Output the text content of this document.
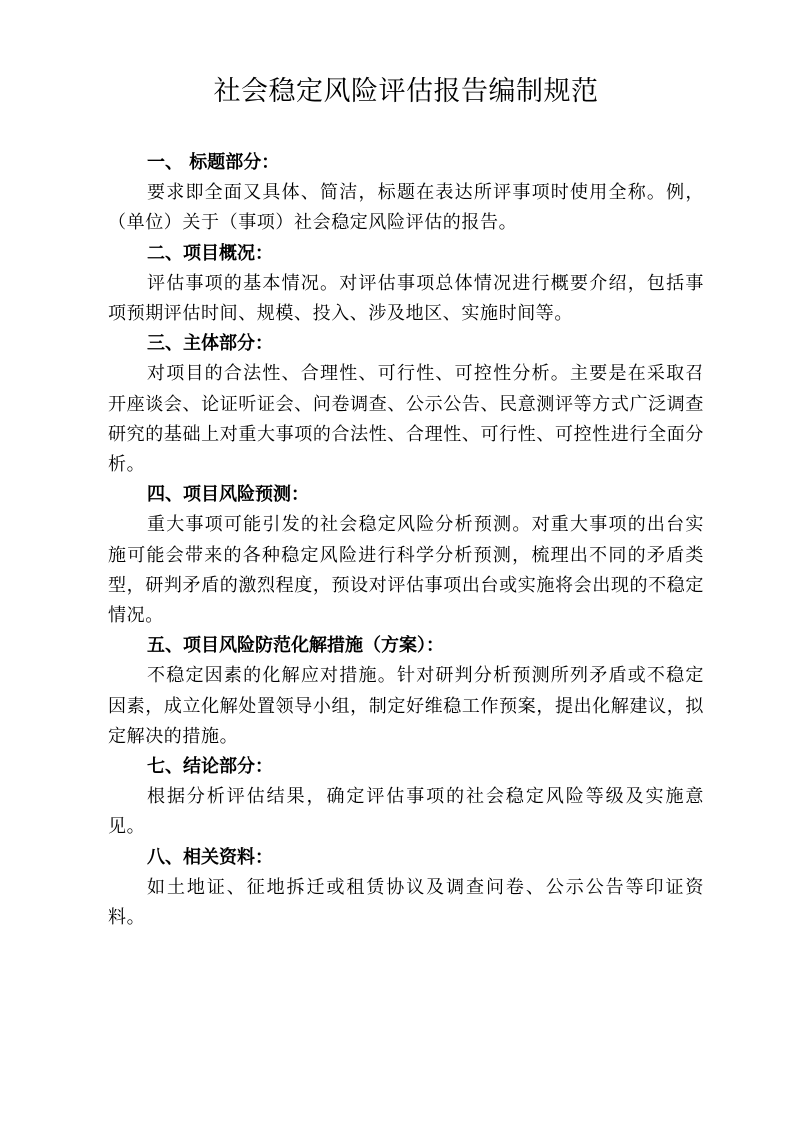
社会稳定风险评估报告编制规范

一、 标题部分：

要求即全面又具体、简洁，标题在表达所评事项时使用全称。例，（单位）关于（事项）社会稳定风险评估的报告。

二、项目概况：

评估事项的基本情况。对评估事项总体情况进行概要介绍，包括事项预期评估时间、规模、投入、涉及地区、实施时间等。

三、主体部分：

对项目的合法性、合理性、可行性、可控性分析。主要是在采取召开座谈会、论证听证会、问卷调查、公示公告、民意测评等方式广泛调查研究的基础上对重大事项的合法性、合理性、可行性、可控性进行全面分析。

四、项目风险预测：

重大事项可能引发的社会稳定风险分析预测。对重大事项的出台实施可能会带来的各种稳定风险进行科学分析预测，梳理出不同的矛盾类型，研判矛盾的激烈程度，预设对评估事项出台或实施将会出现的不稳定情况。

五、项目风险防范化解措施（方案）：

不稳定因素的化解应对措施。针对研判分析预测所列矛盾或不稳定因素，成立化解处置领导小组，制定好维稳工作预案，提出化解建议，拟定解决的措施。

七、结论部分：

根据分析评估结果，确定评估事项的社会稳定风险等级及实施意见。

八、相关资料：

如土地证、征地拆迁或租赁协议及调查问卷、公示公告等印证资料。
